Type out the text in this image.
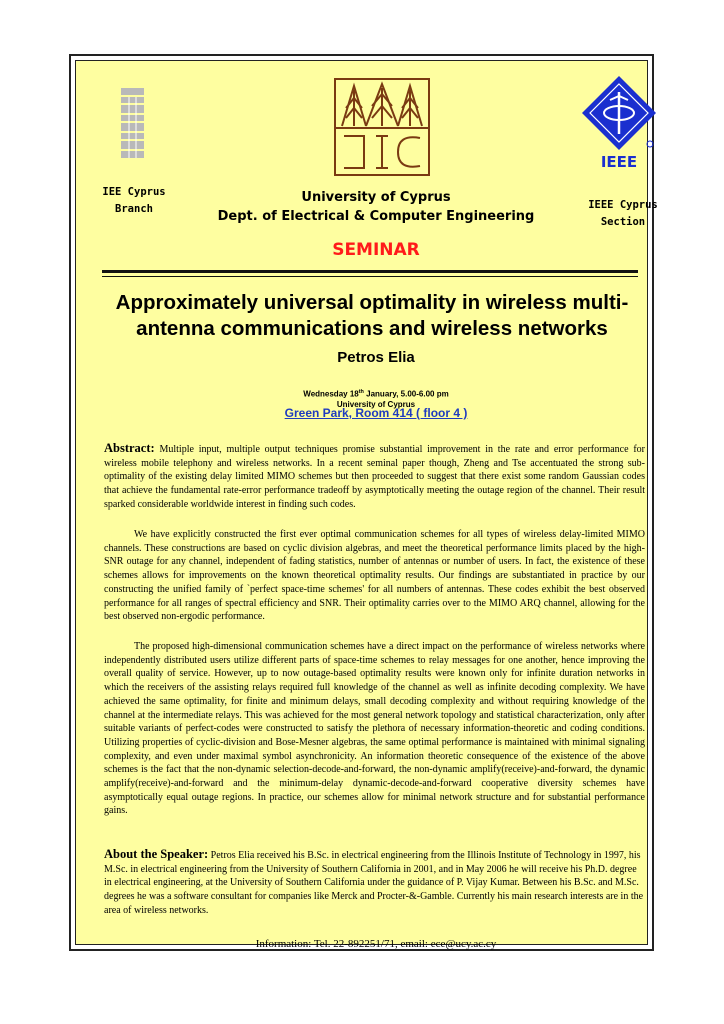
IEEE
IEE Cyprus
Branch
University of Cyprus
Dept. of Electrical & Computer Engineering
IEEE Cyprus
Section
SEMINAR
Approximately universal optimality in wireless multi-antenna communications and wireless networks
Petros Elia
Wednesday 18th January, 5.00-6.00 pm
University of Cyprus
Green Park, Room 414 ( floor 4 )
Abstract: Multiple input, multiple output techniques promise substantial improvement in the rate and error performance for wireless mobile telephony and wireless networks. In a recent seminal paper though, Zheng and Tse accentuated the strong sub-optimality of the existing delay limited MIMO schemes but then proceeded to suggest that there exist some random Gaussian codes that achieve the fundamental rate-error performance tradeoff by asymptotically meeting the outage region of the channel. Their result sparked considerable worldwide interest in finding such codes.
We have explicitly constructed the first ever optimal communication schemes for all types of wireless delay-limited MIMO channels. These constructions are based on cyclic division algebras, and meet the theoretical performance limits placed by the high-SNR outage for any channel, independent of fading statistics, number of antennas or number of users. In fact, the existence of these schemes allows for improvements on the known theoretical optimality results. Our findings are substantiated in practice by our constructing the unified family of `perfect space-time schemes' for all numbers of antennas. These codes exhibit the best observed performance for all ranges of spectral efficiency and SNR. Their optimality carries over to the MIMO ARQ channel, allowing for the best observed non-ergodic performance.
The proposed high-dimensional communication schemes have a direct impact on the performance of wireless networks where independently distributed users utilize different parts of space-time schemes to relay messages for one another, hence improving the overall quality of service. However, up to now outage-based optimality results were known only for infinite duration networks in which the receivers of the assisting relays required full knowledge of the channel as well as infinite decoding complexity. We have achieved the same optimality, for finite and minimum delays, small decoding complexity and without requiring knowledge of the channel at the intermediate relays. This was achieved for the most general network topology and statistical characterization, only after suitable variants of perfect-codes were constructed to satisfy the plethora of necessary information-theoretic and coding conditions. Utilizing properties of cyclic-division and Bose-Mesner algebras, the same optimal performance is maintained with minimal signaling complexity, and even under maximal symbol asynchronicity. An information theoretic consequence of the existence of the above schemes is the fact that the non-dynamic selection-decode-and-forward, the non-dynamic amplify(receive)-and-forward, the dynamic amplify(receive)-and-forward and the minimum-delay dynamic-decode-and-forward cooperative diversity schemes have asymptotically equal outage regions. In practice, our schemes allow for minimal network structure and for substantial performance gains.
About the Speaker: Petros Elia received his B.Sc. in electrical engineering from the Illinois Institute of Technology in 1997, his M.Sc. in electrical engineering from the University of Southern California in 2001, and in May 2006 he will receive his Ph.D. degree in electrical engineering, at the University of Southern California under the guidance of P. Vijay Kumar. Between his B.Sc. and M.Sc. degrees he was a software consultant for companies like Merck and Procter-&-Gamble. Currently his main research interests are in the area of wireless networks.
Information: Tel. 22-892251/71, email: ece@ucy.ac.cy
